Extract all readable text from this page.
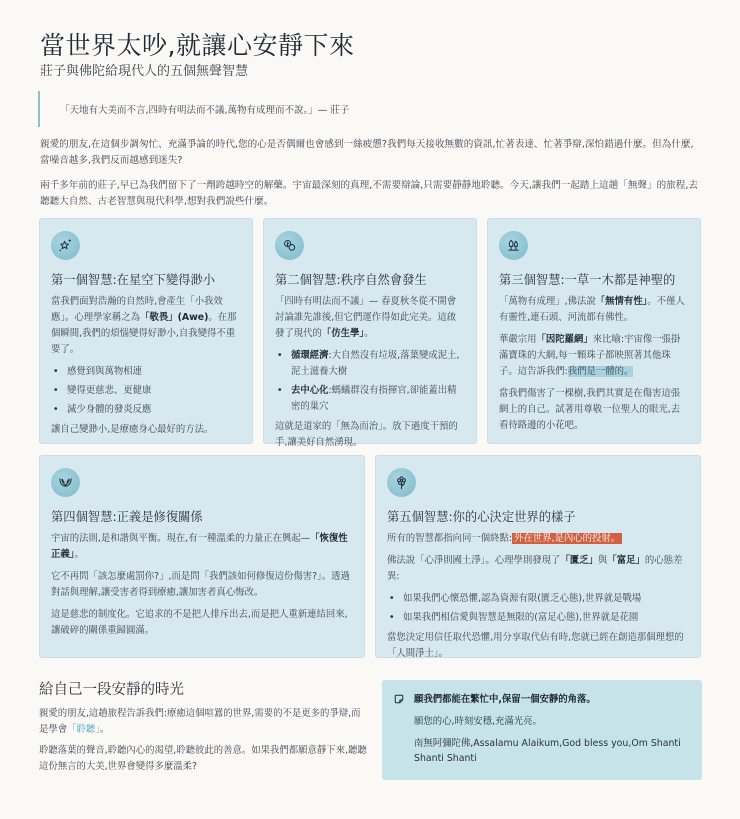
當世界太吵,就讓心安靜下來
莊子與佛陀給現代人的五個無聲智慧
「天地有大美而不言,四時有明法而不議,萬物有成理而不說。」— 莊子

親愛的朋友,在這個步調匆忙、充滿爭論的時代,您的心是否偶爾也會感到一絲疲憊?我們每天接收無數的資訊,忙著表達、忙著爭辯,深怕錯過什麼。但為什麼,當噪音越多,我們反而越感到迷失?

兩千多年前的莊子,早已為我們留下了一劑跨越時空的解藥。宇宙最深刻的真理,不需要辯論,只需要靜靜地聆聽。今天,讓我們一起踏上這趟「無聲」的旅程,去聽聽大自然、古老智慧與現代科學,想對我們說些什麼。

第一個智慧:在星空下變得渺小

當我們面對浩瀚的自然時,會產生「小我效應」。心理學家稱之為「敬畏」(Awe)。在那個瞬間,我們的煩惱變得好渺小,自我變得不重要了。

• 感覺到與萬物相連
• 變得更慈悲、更健康
• 減少身體的發炎反應

讓自己變渺小,是療癒身心最好的方法。

第二個智慧:秩序自然會發生

「四時有明法而不議」— 春夏秋冬從不開會討論誰先誰後,但它們運作得如此完美。這啟發了現代的「仿生學」。

• 循環經濟:大自然沒有垃圾,落葉變成泥土,泥土滋養大樹
• 去中心化:螞蟻群沒有指揮官,卻能蓋出精密的巢穴

這就是道家的「無為而治」。放下過度干預的手,讓美好自然湧現。

第三個智慧:一草一木都是神聖的

「萬物有成理」,佛法說「無情有性」。不僅人有靈性,連石頭、河流都有佛性。

華嚴宗用「因陀羅網」來比喻:宇宙像一張掛滿寶珠的大網,每一顆珠子都映照著其他珠子。這告訴我們:我們是一體的。

當我們傷害了一棵樹,我們其實是在傷害這張網上的自己。試著用尊敬一位聖人的眼光,去看待路邊的小花吧。

第四個智慧:正義是修復關係

宇宙的法則,是和諧與平衡。現在,有一種溫柔的力量正在興起—「恢復性正義」。

它不再問「該怎麼處罰你?」,而是問「我們該如何修復這份傷害?」。透過對話與理解,讓受害者得到療癒,讓加害者真心悔改。

這是慈悲的制度化。它追求的不是把人排斥出去,而是把人重新連結回來,讓破碎的關係重歸圓滿。

第五個智慧:你的心決定世界的樣子

所有的智慧都指向同一個終點: 外在世界,是內心的投射。

佛法說「心淨則國土淨」。心理學則發現了「匱乏」與「富足」的心態差異:

• 如果我們心懷恐懼,認為資源有限(匱乏心態),世界就是戰場
• 如果我們相信愛與智慧是無限的(富足心態),世界就是花園

當您決定用信任取代恐懼,用分享取代佔有時,您就已經在創造那個理想的「人間淨土」。

給自己一段安靜的時光

親愛的朋友,這趟旅程告訴我們:療癒這個喧囂的世界,需要的不是更多的爭辯,而是學會「聆聽」。

聆聽落葉的聲音,聆聽內心的渴望,聆聽彼此的善意。如果我們都願意靜下來,聽聽這份無言的大美,世界會變得多麼溫柔?

願我們都能在繁忙中,保留一個安靜的角落。

願您的心,時刻安穩,充滿光亮。

南無阿彌陀佛,Assalamu Alaikum,God bless you,Om Shanti Shanti Shanti
